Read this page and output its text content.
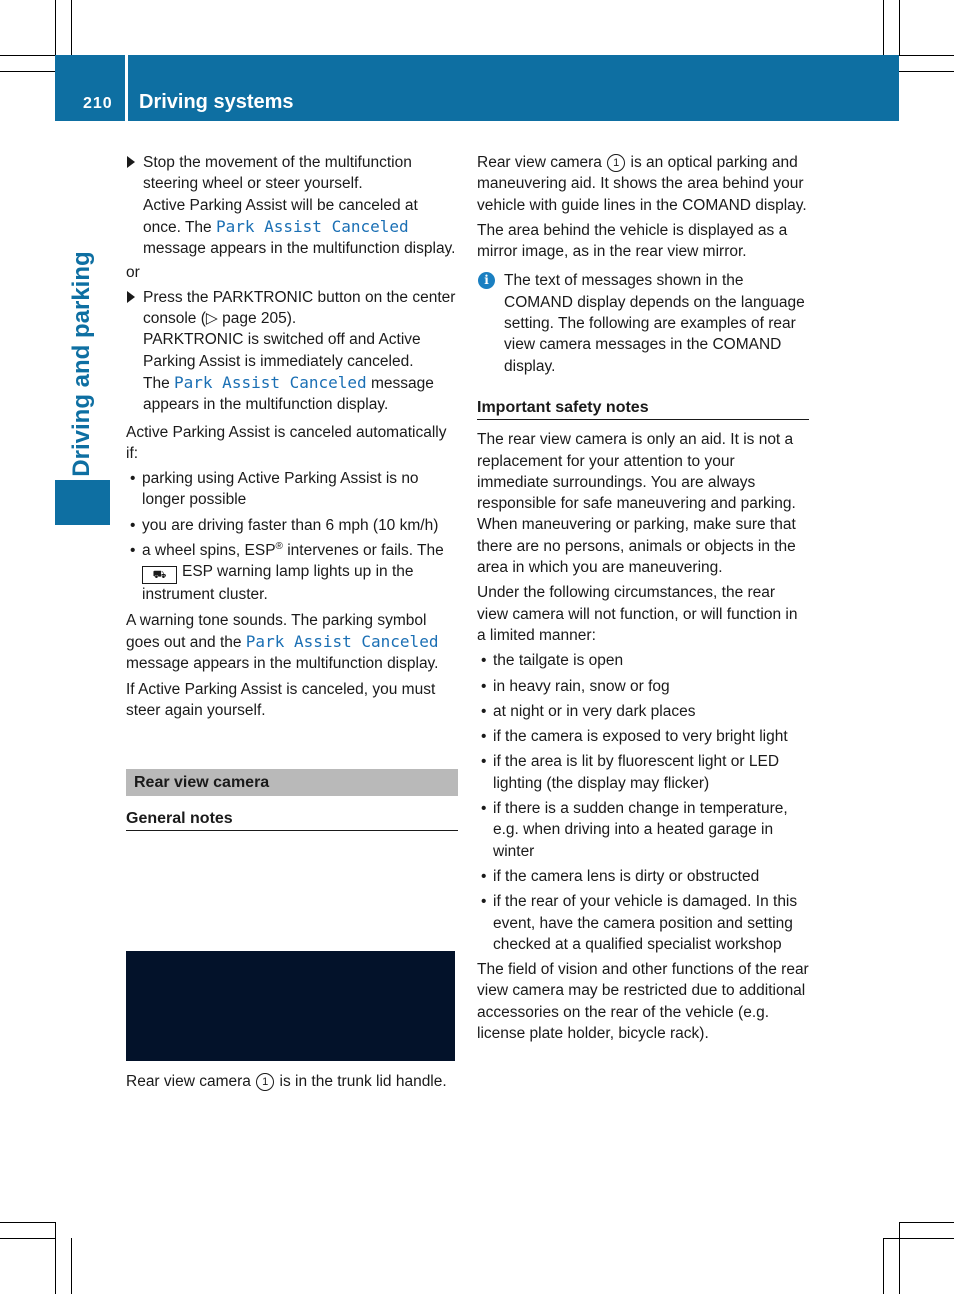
210 Driving systems
Driving and parking
Stop the movement of the multifunction steering wheel or steer yourself.
Active Parking Assist will be canceled at once. The Park Assist Canceled message appears in the multifunction display.

or

Press the PARKTRONIC button on the center console (▷ page 205).
PARKTRONIC is switched off and Active Parking Assist is immediately canceled.
The Park Assist Canceled message appears in the multifunction display.

Active Parking Assist is canceled automatically if:

• parking using Active Parking Assist is no longer possible
• you are driving faster than 6 mph (10 km/h)
• a wheel spins, ESP® intervenes or fails. The
⛟ ESP warning lamp lights up in the instrument cluster.

A warning tone sounds. The parking symbol goes out and the Park Assist Canceled message appears in the multifunction display.

If Active Parking Assist is canceled, you must steer again yourself.

Rear view camera
General notes

Rear view camera 1 is in the trunk lid handle.

Rear view camera 1 is an optical parking and maneuvering aid. It shows the area behind your vehicle with guide lines in the COMAND display.

The area behind the vehicle is displayed as a mirror image, as in the rear view mirror.

i The text of messages shown in the COMAND display depends on the language setting. The following are examples of rear view camera messages in the COMAND display.
Important safety notes

The rear view camera is only an aid. It is not a replacement for your attention to your immediate surroundings. You are always responsible for safe maneuvering and parking. When maneuvering or parking, make sure that there are no persons, animals or objects in the area in which you are maneuvering.

Under the following circumstances, the rear view camera will not function, or will function in a limited manner:

• the tailgate is open
• in heavy rain, snow or fog
• at night or in very dark places
• if the camera is exposed to very bright light
• if the area is lit by fluorescent light or LED lighting (the display may flicker)
• if there is a sudden change in temperature, e.g. when driving into a heated garage in winter
• if the camera lens is dirty or obstructed
• if the rear of your vehicle is damaged. In this event, have the camera position and setting checked at a qualified specialist workshop

The field of vision and other functions of the rear view camera may be restricted due to additional accessories on the rear of the vehicle (e.g. license plate holder, bicycle rack).
